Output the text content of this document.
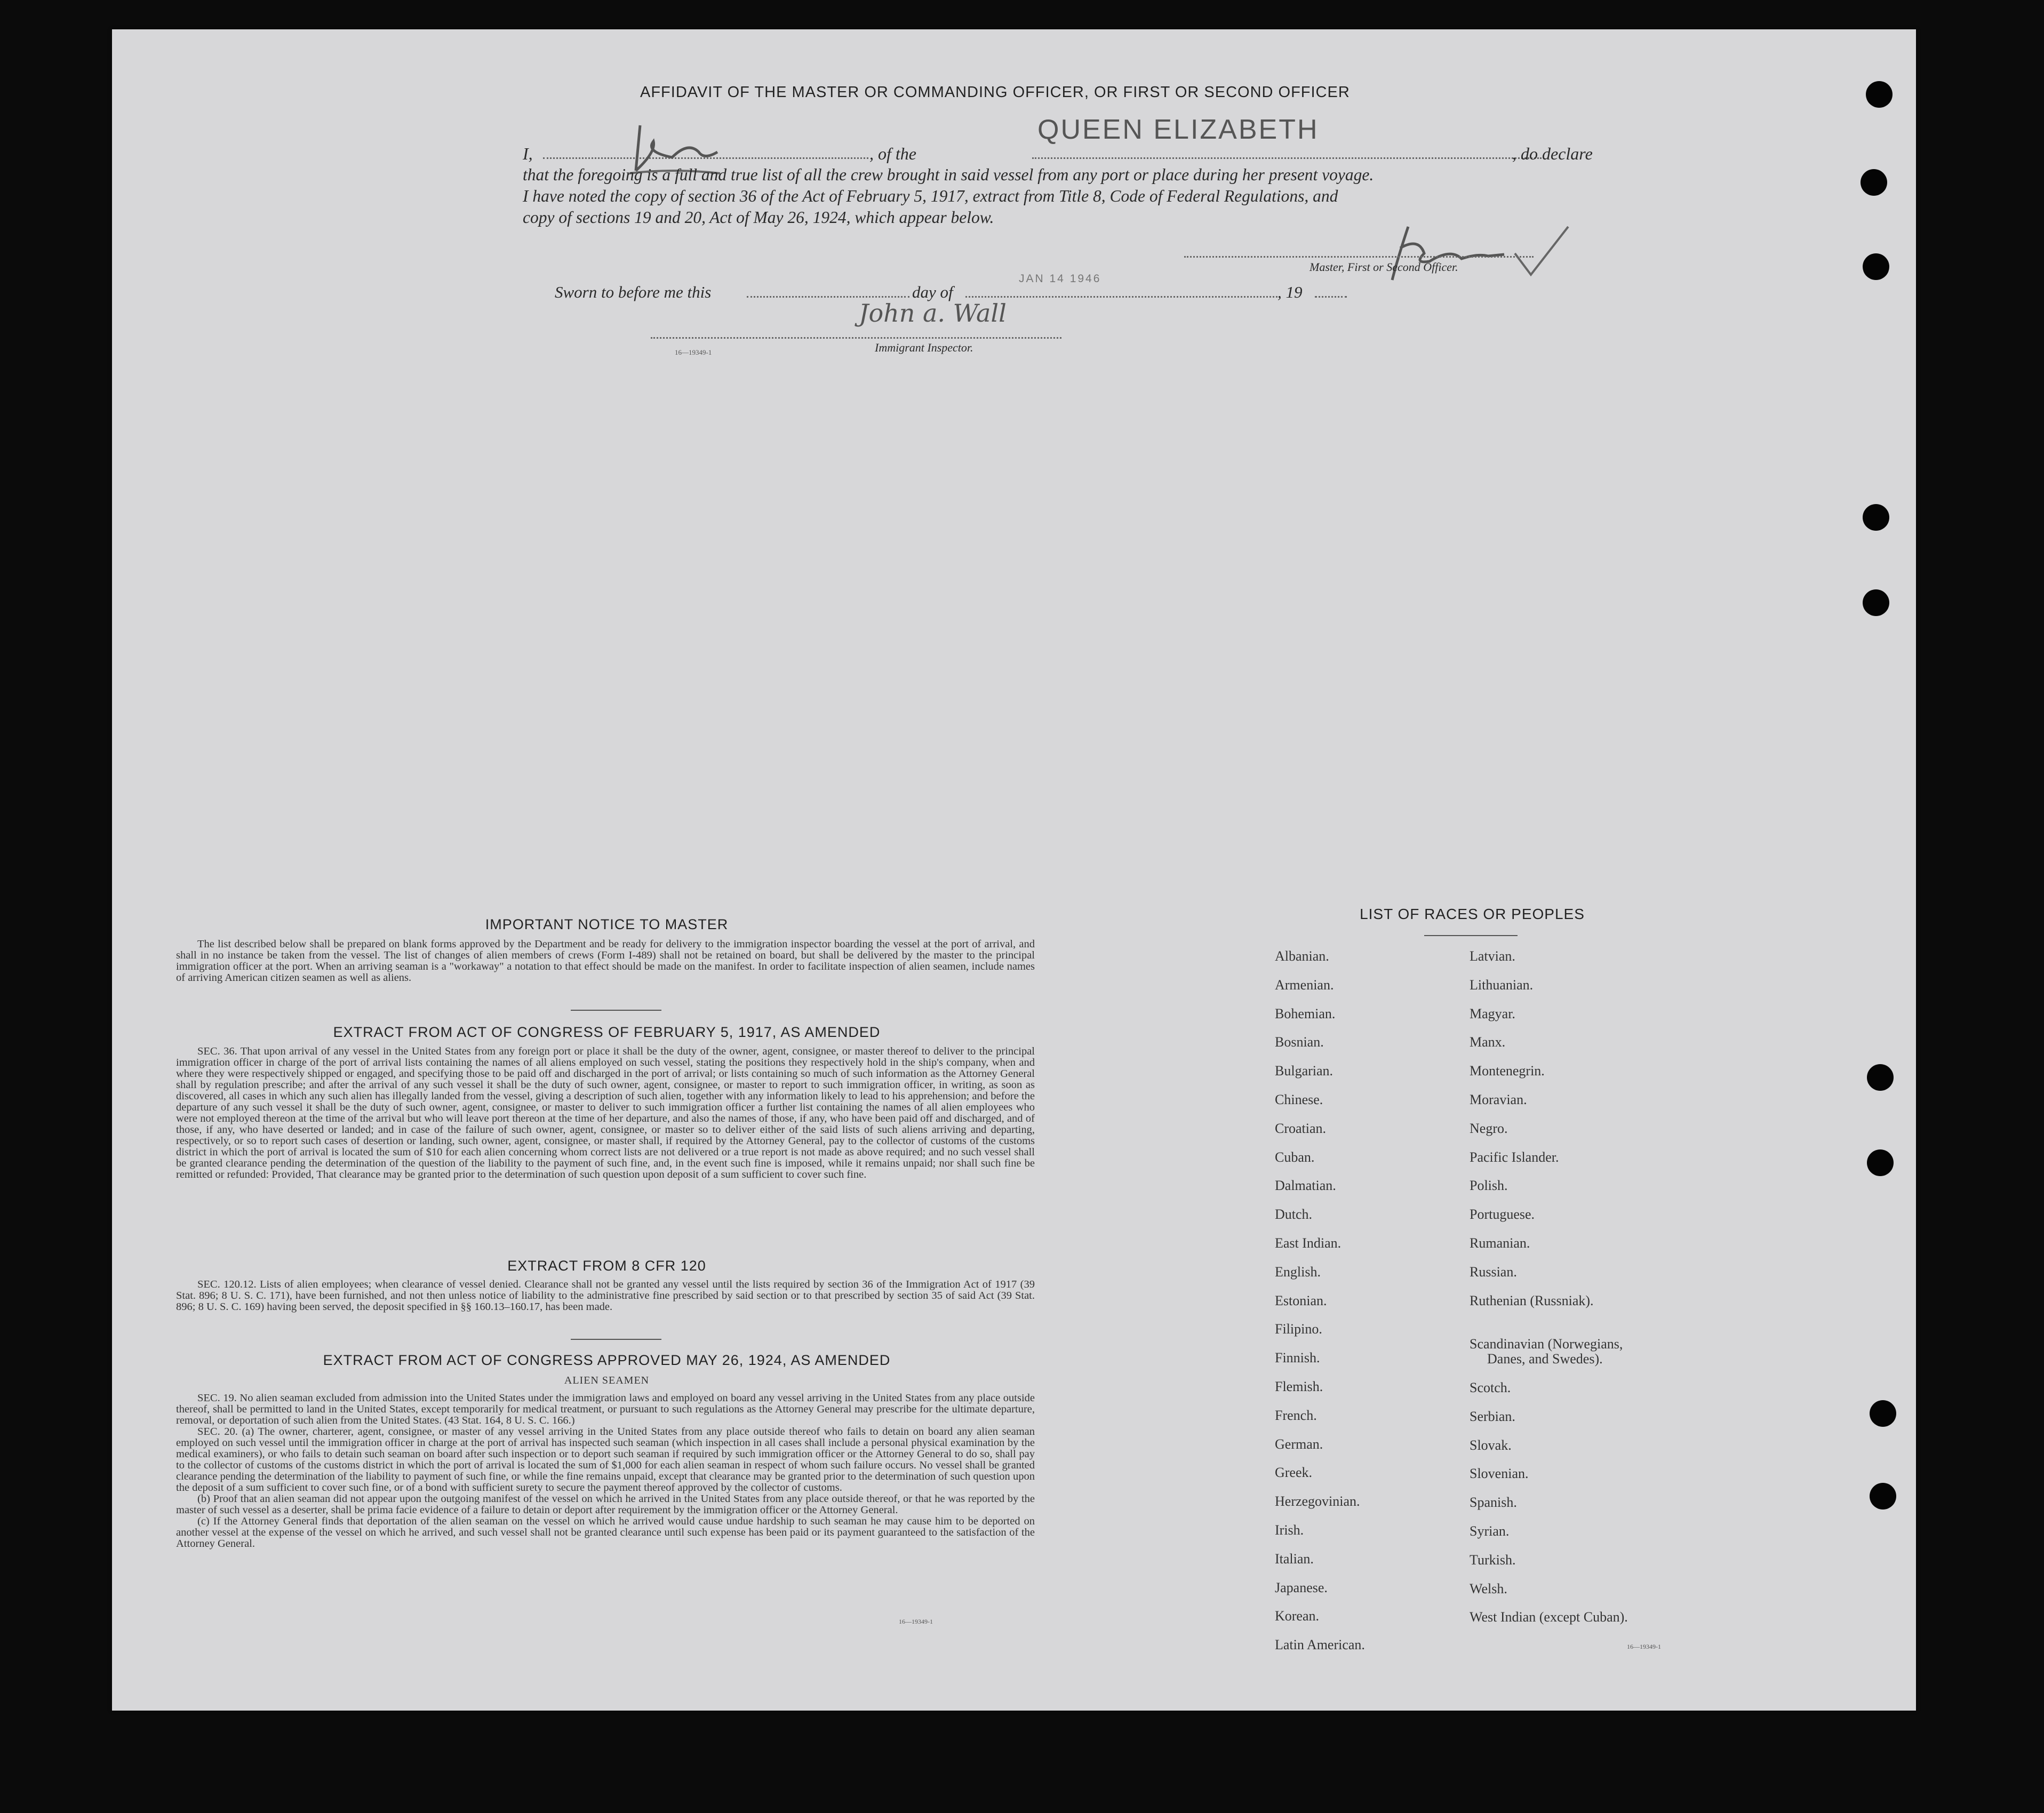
AFFIDAVIT OF THE MASTER OR COMMANDING OFFICER, OR FIRST OR SECOND OFFICER
I,	, of the
QUEEN ELIZABETH
, do declare
that the foregoing is a full and true list of all the crew brought in said vessel from any port or place during her present voyage.
I have noted the copy of section 36 of the Act of February 5, 1917, extract from Title 8, Code of Federal Regulations, and
copy of sections 19 and 20, Act of May 26, 1924, which appear below.
Master, First or Second Officer.
Sworn to before me this	day of
JAN 14 1946
, 19
John a. Wall
Immigrant Inspector.
16—19349-1
IMPORTANT NOTICE TO MASTER

The list described below shall be prepared on blank forms approved by the Department and be ready for delivery to the immigration inspector boarding the vessel at the port of arrival, and shall in no instance be taken from the vessel. The list of changes of alien members of crews (Form I-489) shall not be retained on board, but shall be delivered by the master to the principal immigration officer at the port. When an arriving seaman is a "workaway" a notation to that effect should be made on the manifest. In order to facilitate inspection of alien seamen, include names of arriving American citizen seamen as well as aliens.

EXTRACT FROM ACT OF CONGRESS OF FEBRUARY 5, 1917, AS AMENDED

SEC. 36. That upon arrival of any vessel in the United States from any foreign port or place it shall be the duty of the owner, agent, consignee, or master thereof to deliver to the principal immigration officer in charge of the port of arrival lists containing the names of all aliens employed on such vessel, stating the positions they respectively hold in the ship's company, when and where they were respectively shipped or engaged, and specifying those to be paid off and discharged in the port of arrival; or lists containing so much of such information as the Attorney General shall by regulation prescribe; and after the arrival of any such vessel it shall be the duty of such owner, agent, consignee, or master to report to such immigration officer, in writing, as soon as discovered, all cases in which any such alien has illegally landed from the vessel, giving a description of such alien, together with any information likely to lead to his apprehension; and before the departure of any such vessel it shall be the duty of such owner, agent, consignee, or master to deliver to such immigration officer a further list containing the names of all alien employees who were not employed thereon at the time of the arrival but who will leave port thereon at the time of her departure, and also the names of those, if any, who have been paid off and discharged, and of those, if any, who have deserted or landed; and in case of the failure of such owner, agent, consignee, or master so to deliver either of the said lists of such aliens arriving and departing, respectively, or so to report such cases of desertion or landing, such owner, agent, consignee, or master shall, if required by the Attorney General, pay to the collector of customs of the customs district in which the port of arrival is located the sum of $10 for each alien concerning whom correct lists are not delivered or a true report is not made as above required; and no such vessel shall be granted clearance pending the determination of the question of the liability to the payment of such fine, and, in the event such fine is imposed, while it remains unpaid; nor shall such fine be remitted or refunded: Provided, That clearance may be granted prior to the determination of such question upon deposit of a sum sufficient to cover such fine.

EXTRACT FROM 8 CFR 120

SEC. 120.12. Lists of alien employees; when clearance of vessel denied. Clearance shall not be granted any vessel until the lists required by section 36 of the Immigration Act of 1917 (39 Stat. 896; 8 U. S. C. 171), have been furnished, and not then unless notice of liability to the administrative fine prescribed by said section or to that prescribed by section 35 of said Act (39 Stat. 896; 8 U. S. C. 169) having been served, the deposit specified in §§ 160.13–160.17, has been made.

EXTRACT FROM ACT OF CONGRESS APPROVED MAY 26, 1924, AS AMENDED
ALIEN SEAMEN

SEC. 19. No alien seaman excluded from admission into the United States under the immigration laws and employed on board any vessel arriving in the United States from any place outside thereof, shall be permitted to land in the United States, except temporarily for medical treatment, or pursuant to such regulations as the Attorney General may prescribe for the ultimate departure, removal, or deportation of such alien from the United States. (43 Stat. 164, 8 U. S. C. 166.)

SEC. 20. (a) The owner, charterer, agent, consignee, or master of any vessel arriving in the United States from any place outside thereof who fails to detain on board any alien seaman employed on such vessel until the immigration officer in charge at the port of arrival has inspected such seaman (which inspection in all cases shall include a personal physical examination by the medical examiners), or who fails to detain such seaman on board after such inspection or to deport such seaman if required by such immigration officer or the Attorney General to do so, shall pay to the collector of customs of the customs district in which the port of arrival is located the sum of $1,000 for each alien seaman in respect of whom such failure occurs. No vessel shall be granted clearance pending the determination of the liability to payment of such fine, or while the fine remains unpaid, except that clearance may be granted prior to the determination of such question upon the deposit of a sum sufficient to cover such fine, or of a bond with sufficient surety to secure the payment thereof approved by the collector of customs.

(b) Proof that an alien seaman did not appear upon the outgoing manifest of the vessel on which he arrived in the United States from any place outside thereof, or that he was reported by the master of such vessel as a deserter, shall be prima facie evidence of a failure to detain or deport after requirement by the immigration officer or the Attorney General.

(c) If the Attorney General finds that deportation of the alien seaman on the vessel on which he arrived would cause undue hardship to such seaman he may cause him to be deported on another vessel at the expense of the vessel on which he arrived, and such vessel shall not be granted clearance until such expense has been paid or its payment guaranteed to the satisfaction of the Attorney General.

16—19349-1
LIST OF RACES OR PEOPLES
Albanian.
Armenian.
Bohemian.
Bosnian.
Bulgarian.
Chinese.
Croatian.
Cuban.
Dalmatian.
Dutch.
East Indian.
English.
Estonian.
Filipino.
Finnish.
Flemish.
French.
German.
Greek.
Herzegovinian.
Irish.
Italian.
Japanese.
Korean.
Latin American.
Latvian.
Lithuanian.
Magyar.
Manx.
Montenegrin.
Moravian.
Negro.
Pacific Islander.
Polish.
Portuguese.
Rumanian.
Russian.
Ruthenian (Russniak).
Scandinavian (Norwegians,
Danes, and Swedes).
Scotch.
Serbian.
Slovak.
Slovenian.
Spanish.
Syrian.
Turkish.
Welsh.
West Indian (except Cuban).
16—19349-1
